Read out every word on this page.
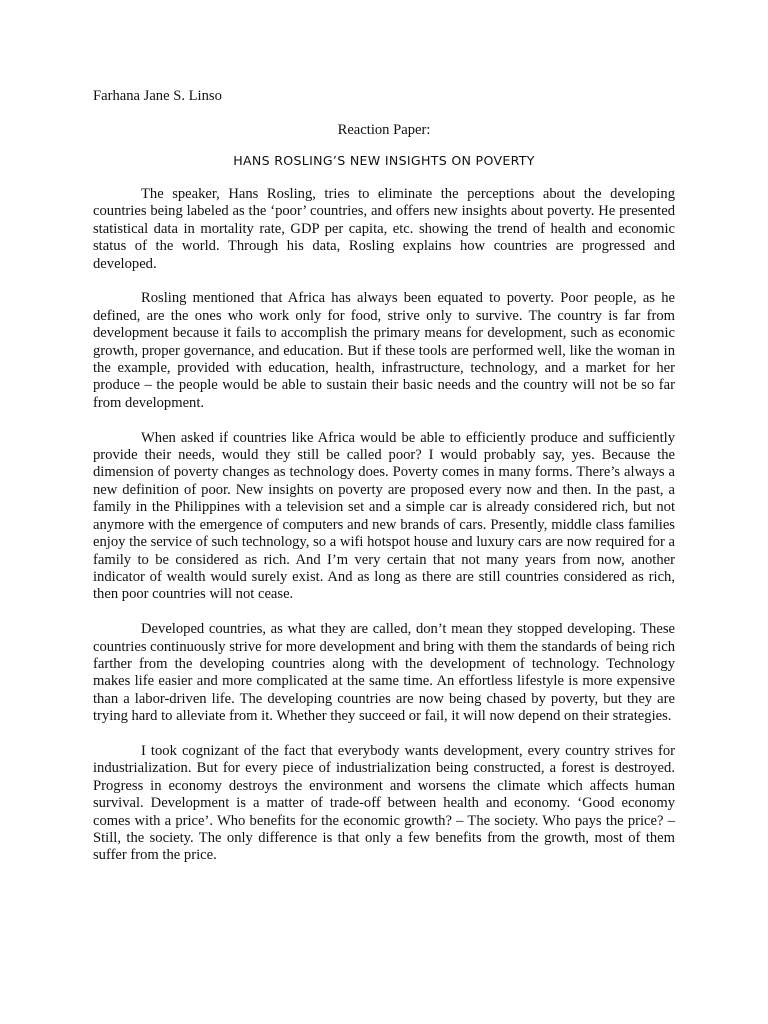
Farhana Jane S. Linso

Reaction Paper:

HANS ROSLING’S NEW INSIGHTS ON POVERTY

The speaker, Hans Rosling, tries to eliminate the perceptions about the developing countries being labeled as the ‘poor’ countries, and offers new insights about poverty. He presented statistical data in mortality rate, GDP per capita, etc. showing the trend of health and economic status of the world. Through his data, Rosling explains how countries are progressed and developed.

Rosling mentioned that Africa has always been equated to poverty. Poor people, as he defined, are the ones who work only for food, strive only to survive. The country is far from development because it fails to accomplish the primary means for development, such as economic growth, proper governance, and education. But if these tools are performed well, like the woman in the example, provided with education, health, infrastructure, technology, and a market for her produce – the people would be able to sustain their basic needs and the country will not be so far from development.

When asked if countries like Africa would be able to efficiently produce and sufficiently provide their needs, would they still be called poor? I would probably say, yes. Because the dimension of poverty changes as technology does. Poverty comes in many forms. There’s always a new definition of poor. New insights on poverty are proposed every now and then. In the past, a family in the Philippines with a television set and a simple car is already considered rich, but not anymore with the emergence of computers and new brands of cars. Presently, middle class families enjoy the service of such technology, so a wifi hotspot house and luxury cars are now required for a family to be considered as rich. And I’m very certain that not many years from now, another indicator of wealth would surely exist. And as long as there are still countries considered as rich, then poor countries will not cease.

Developed countries, as what they are called, don’t mean they stopped developing. These countries continuously strive for more development and bring with them the standards of being rich farther from the developing countries along with the development of technology. Technology makes life easier and more complicated at the same time. An effortless lifestyle is more expensive than a labor-driven life. The developing countries are now being chased by poverty, but they are trying hard to alleviate from it. Whether they succeed or fail, it will now depend on their strategies.

I took cognizant of the fact that everybody wants development, every country strives for industrialization. But for every piece of industrialization being constructed, a forest is destroyed. Progress in economy destroys the environment and worsens the climate which affects human survival. Development is a matter of trade-off between health and economy. ‘Good economy comes with a price’. Who benefits for the economic growth? – The society. Who pays the price? – Still, the society. The only difference is that only a few benefits from the growth, most of them suffer from the price.
